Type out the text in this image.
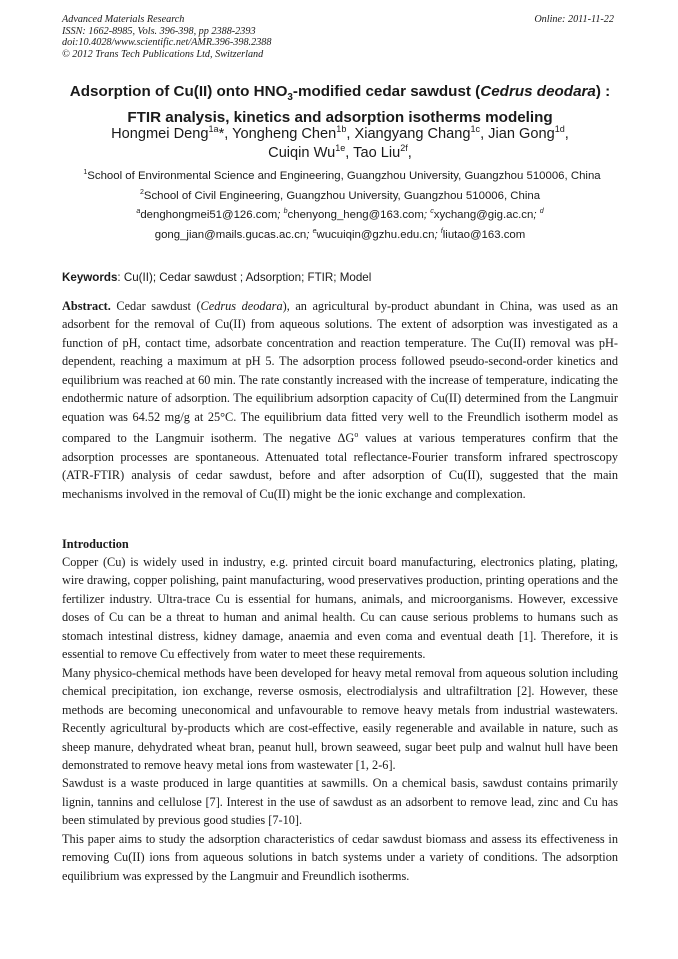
Advanced Materials Research
ISSN: 1662-8985, Vols. 396-398, pp 2388-2393
doi:10.4028/www.scientific.net/AMR.396-398.2388
© 2012 Trans Tech Publications Ltd, Switzerland
Online: 2011-11-22
Adsorption of Cu(II) onto $HNO_3$-modified cedar sawdust (Cedrus deodara) : FTIR analysis, kinetics and adsorption isotherms modeling
Hongmei Deng$^{1a}$*, Yongheng Chen$^{1b}$, Xiangyang Chang$^{1c}$, Jian Gong$^{1d}$,
Cuiqin $Wu^{1e}$, Tao Liu$^{2f}$,
$^1$School of Environmental Science and Engineering, Guangzhou University, Guangzhou 510006, China
$^2$School of Civil Engineering, Guangzhou University, Guangzhou 510006, China
$^a$denghongmei51@126.com; $^b$chenyong_heng@163.com; $^c$xychang@gig.ac.cn; $^d$
gong_jian@mails.gucas.ac.cn; $^e$wucuiqin@gzhu.edu.cn; $^f$liutao@163.com
Keywords: Cu(II); Cedar sawdust ; Adsorption; FTIR; Model

Abstract. Cedar sawdust (Cedrus deodara), an agricultural by-product abundant in China, was used as an adsorbent for the removal of Cu(II) from aqueous solutions. The extent of adsorption was investigated as a function of pH, contact time, adsorbate concentration and reaction temperature. The Cu(II) removal was pH-dependent, reaching a maximum at pH 5. The adsorption process followed pseudo-second-order kinetics and equilibrium was reached at 60 min. The rate constantly increased with the increase of temperature, indicating the endothermic nature of adsorption. The equilibrium adsorption capacity of Cu(II) determined from the Langmuir equation was 64.52 mg/g at 25°C. The equilibrium data fitted very well to the Freundlich isotherm model as compared to the Langmuir isotherm. The negative $\Delta G^o$ values at various temperatures confirm that the adsorption processes are spontaneous. Attenuated total reflectance-Fourier transform infrared spectroscopy (ATR-FTIR) analysis of cedar sawdust, before and after adsorption of Cu(II), suggested that the main mechanisms involved in the removal of Cu(II) might be the ionic exchange and complexation.

Introduction

Copper (Cu) is widely used in industry, e.g. printed circuit board manufacturing, electronics plating, plating, wire drawing, copper polishing, paint manufacturing, wood preservatives production, printing operations and the fertilizer industry. Ultra-trace Cu is essential for humans, animals, and microorganisms. However, excessive doses of Cu can be a threat to human and animal health. Cu can cause serious problems to humans such as stomach intestinal distress, kidney damage, anaemia and even coma and eventual death [1]. Therefore, it is essential to remove Cu effectively from water to meet these requirements.

Many physico-chemical methods have been developed for heavy metal removal from aqueous solution including chemical precipitation, ion exchange, reverse osmosis, electrodialysis and ultrafiltration [2]. However, these methods are becoming uneconomical and unfavourable to remove heavy metals from industrial wastewaters. Recently agricultural by-products which are cost-effective, easily regenerable and available in nature, such as sheep manure, dehydrated wheat bran, peanut hull, brown seaweed, sugar beet pulp and walnut hull have been demonstrated to remove heavy metal ions from wastewater [1, 2-6].

Sawdust is a waste produced in large quantities at sawmills. On a chemical basis, sawdust contains primarily lignin, tannins and cellulose [7]. Interest in the use of sawdust as an adsorbent to remove lead, zinc and Cu has been stimulated by previous good studies [7-10].

This paper aims to study the adsorption characteristics of cedar sawdust biomass and assess its effectiveness in removing Cu(II) ions from aqueous solutions in batch systems under a variety of conditions. The adsorption equilibrium was expressed by the Langmuir and Freundlich isotherms.
